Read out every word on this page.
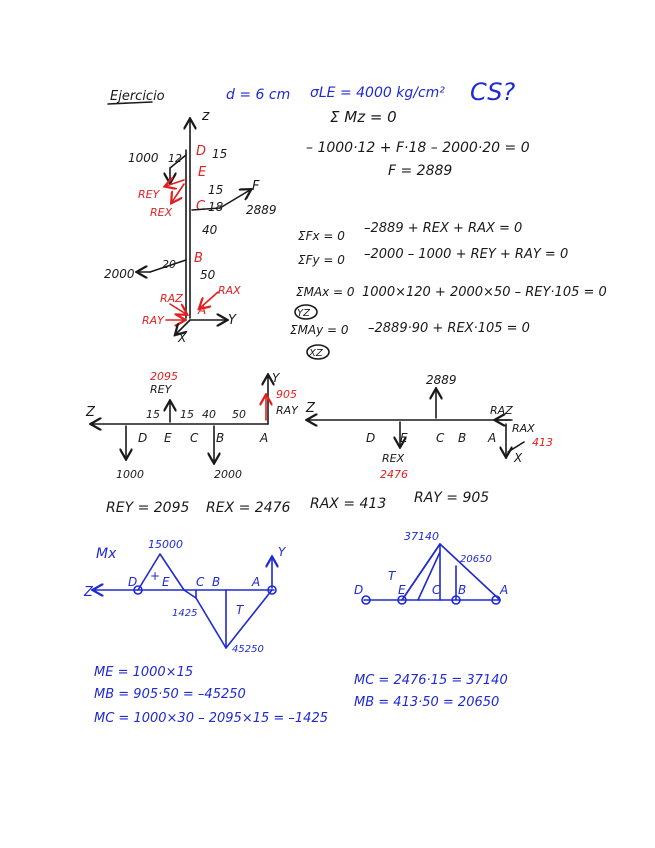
Ejercicio	d = 6 cm σLE = 4000 kg/cm² CS?
z
D
E
C
B
A
15
15
18
40
50
1000 12
2000
20
F
2889
REY
REX
RAZ
RAX
RAY	Y
X
Σ Mz = 0
– 1000·12 + F·18 – 2000·20 = 0
F = 2889
ΣFx = 0 –2889 + REX + RAX = 0
ΣFy = 0 –2000 – 1000 + REY + RAY = 0
ΣMAx = 0 1000×120 + 2000×50 – REY·105 = 0
YZ
ΣMAy = 0 –2889·90 + REX·105 = 0
XZ
Z
Y
2095
REY	905
RAY
15 15 40 50
D E C B	A
1000	2000
Z
2889
D E C B A
REX
2476
RAZ
RAX
413
X
REY = 2095 REX = 2476 RAX = 413 RAY = 905
Mx
Z
Y
15000
1425
45250
+
T
D E C B	A
37140
20650
T
D	E C B	A
ME = 1000×15
MB = 905·50 = –45250
MC = 1000×30 – 2095×15 = –1425
MC = 2476·15 = 37140
MB = 413·50 = 20650
